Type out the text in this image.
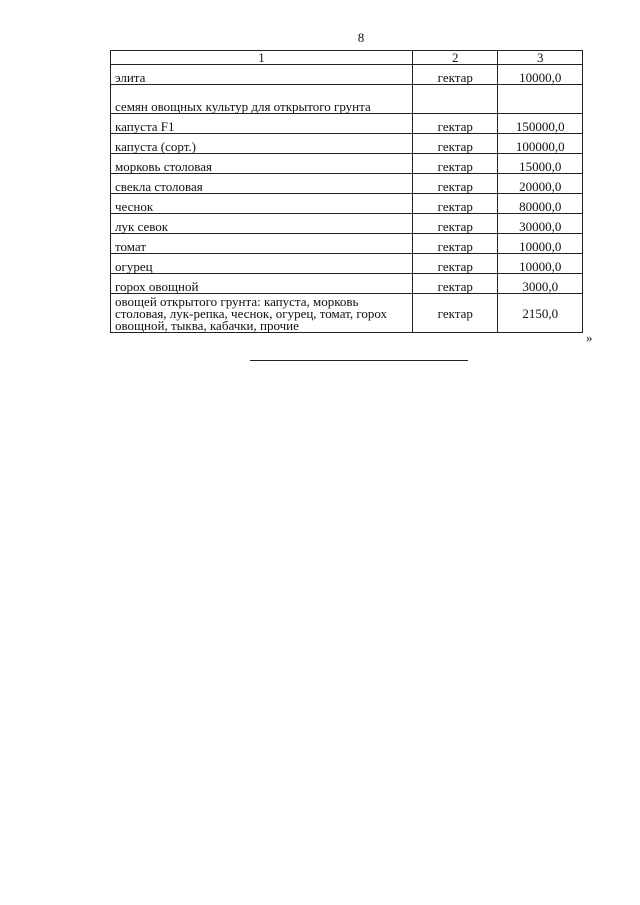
8
1	2	3
элита	гектар	10000,0
семян овощных культур для открытого грунта		
капуста F1	гектар	150000,0
капуста (сорт.)	гектар	100000,0
морковь столовая	гектар	15000,0
свекла столовая	гектар	20000,0
чеснок	гектар	80000,0
лук севок	гектар	30000,0
томат	гектар	10000,0
огурец	гектар	10000,0
горох овощной	гектар	3000,0
овощей открытого грунта: капуста, морковь столовая, лук-репка, чеснок, огурец, томат, горох овощной, тыква, кабачки, прочие	гектар	2150,0
»
